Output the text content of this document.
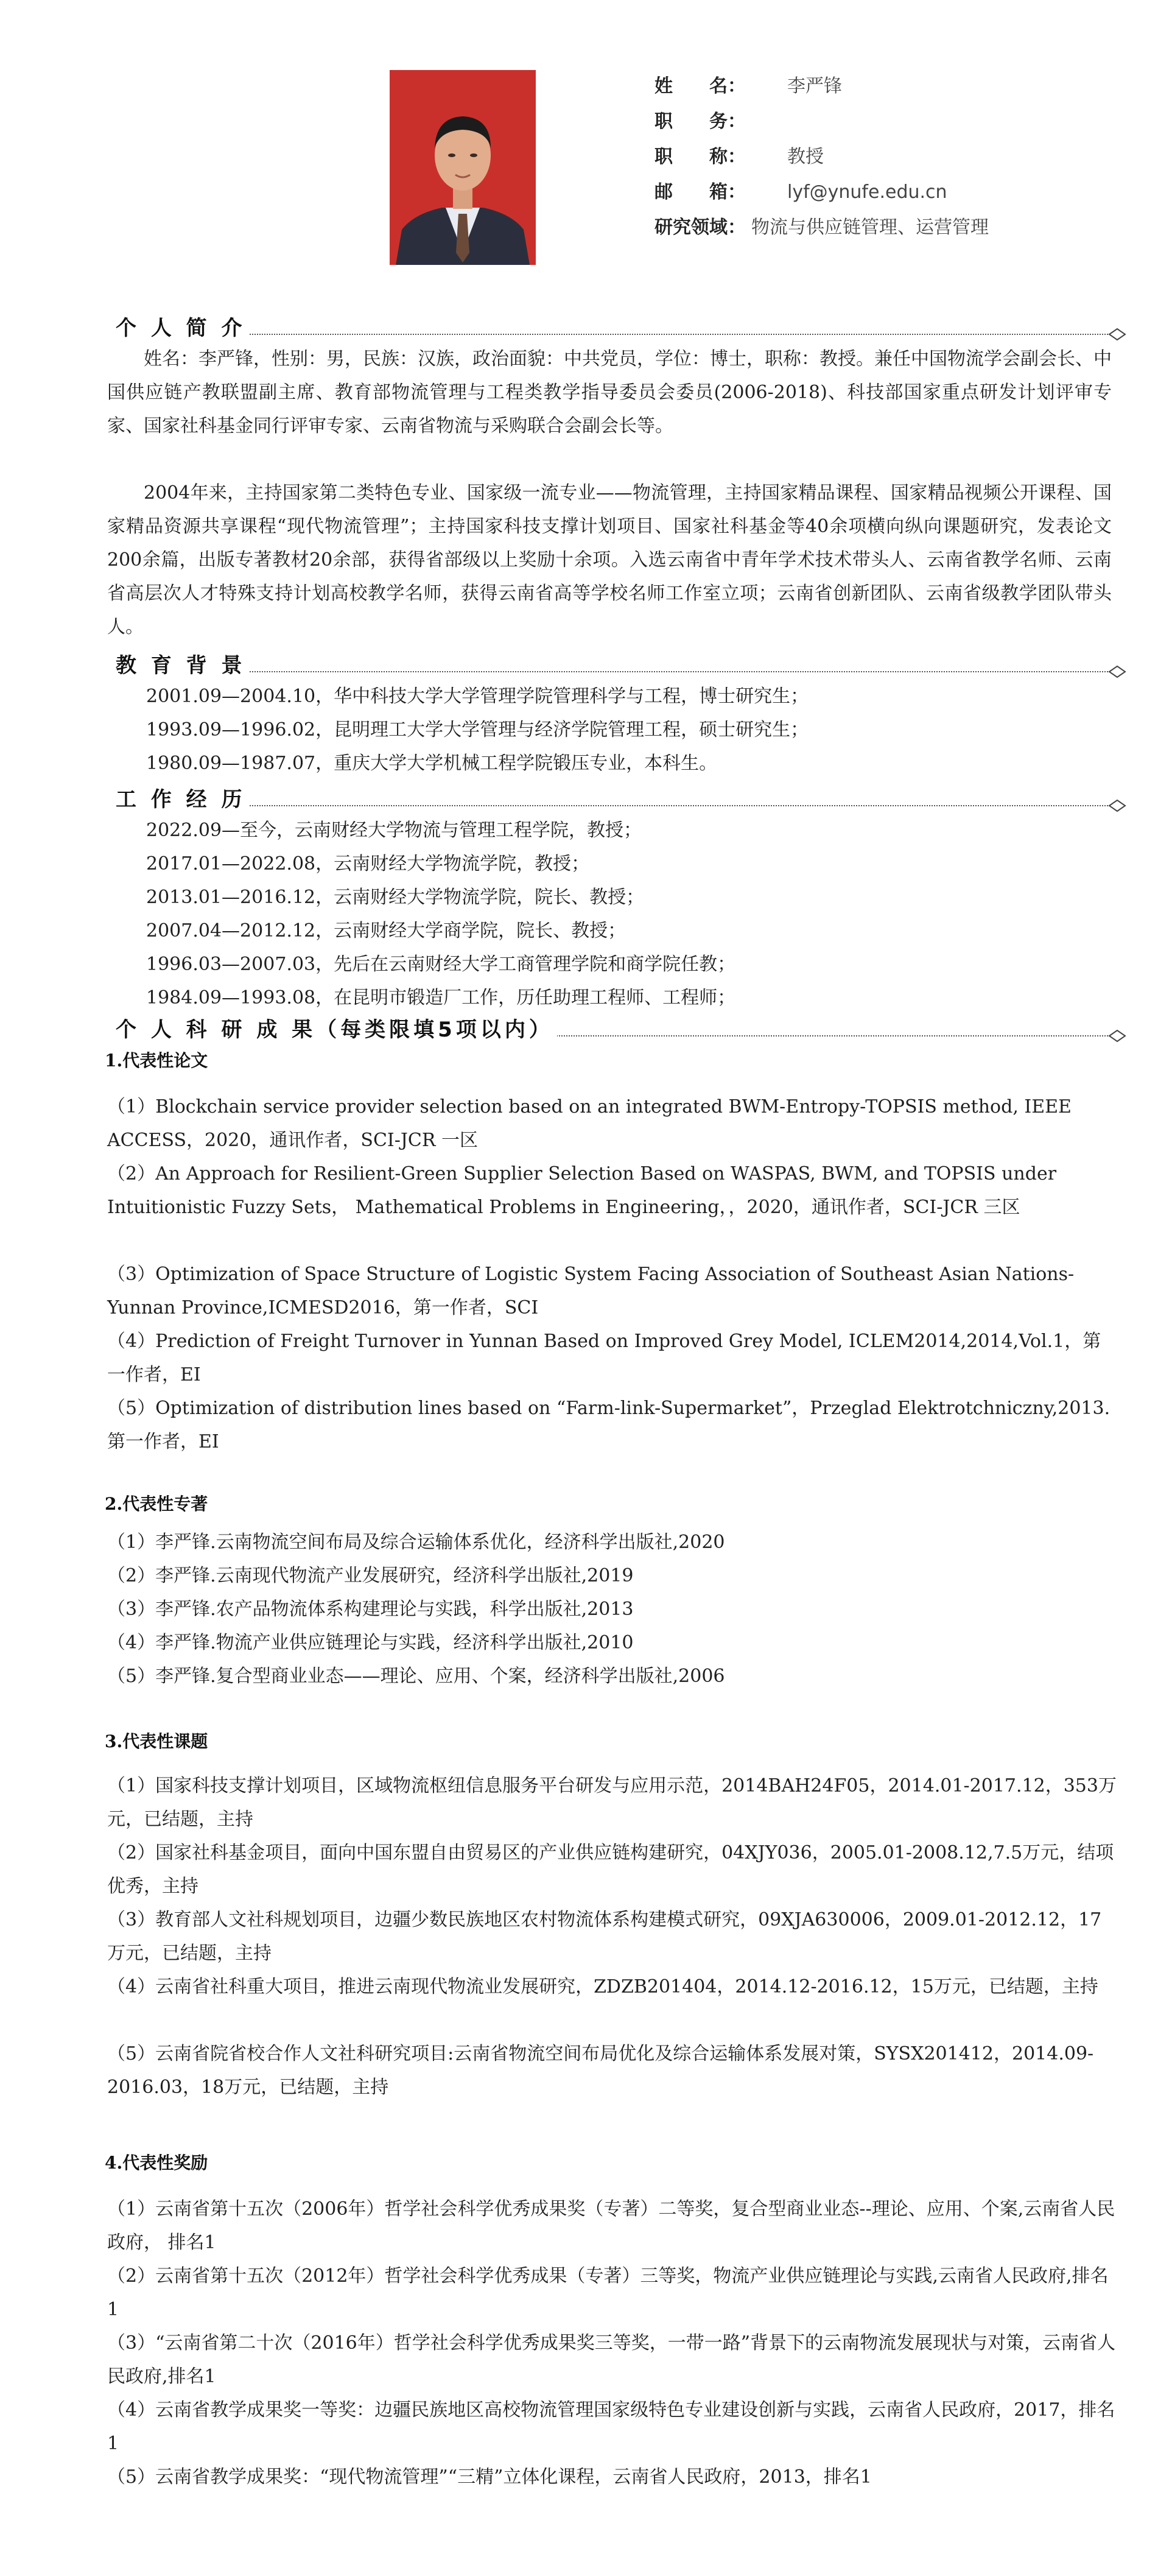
姓　　名： 李严锋
职　　务：
职　　称： 教授
邮　　箱： lyf@ynufe.edu.cn
研究领域： 物流与供应链管理、运营管理
个 人 简 介
姓名：李严锋，性别：男，民族：汉族，政治面貌：中共党员，学位：博士，职称：教授。兼任中国物流学会副会长、中国供应链产教联盟副主席、教育部物流管理与工程类教学指导委员会委员(2006-2018)、科技部国家重点研发计划评审专家、国家社科基金同行评审专家、云南省物流与采购联合会副会长等。
2004年来，主持国家第二类特色专业、国家级一流专业——物流管理，主持国家精品课程、国家精品视频公开课程、国家精品资源共享课程“现代物流管理”；主持国家科技支撑计划项目、国家社科基金等40余项横向纵向课题研究，发表论文200余篇，出版专著教材20余部，获得省部级以上奖励十余项。入选云南省中青年学术技术带头人、云南省教学名师、云南省高层次人才特殊支持计划高校教学名师，获得云南省高等学校名师工作室立项；云南省创新团队、云南省级教学团队带头人。
教 育 背 景
2001.09—2004.10，华中科技大学大学管理学院管理科学与工程，博士研究生；
1993.09—1996.02，昆明理工大学大学管理与经济学院管理工程，硕士研究生；
1980.09—1987.07，重庆大学大学机械工程学院锻压专业，本科生。
工 作 经 历
2022.09—至今，云南财经大学物流与管理工程学院，教授；
2017.01—2022.08，云南财经大学物流学院，教授；
2013.01—2016.12，云南财经大学物流学院，院长、教授；
2007.04—2012.12，云南财经大学商学院，院长、教授；
1996.03—2007.03，先后在云南财经大学工商管理学院和商学院任教；
1984.09—1993.08，在昆明市锻造厂工作，历任助理工程师、工程师；
个 人 科 研 成 果（每类限填5项以内）
1.代表性论文
（1）Blockchain service provider selection based on an integrated BWM-Entropy-TOPSIS method, IEEE ACCESS，2020，通讯作者，SCI-JCR 一区
（2）An Approach for Resilient-Green Supplier Selection Based on WASPAS, BWM, and TOPSIS under Intuitionistic Fuzzy Sets， Mathematical Problems in Engineering，，2020，通讯作者，SCI-JCR 三区
（3）Optimization of Space Structure of Logistic System Facing Association of Southeast Asian Nations-Yunnan Province,ICMESD2016，第一作者，SCI
（4）Prediction of Freight Turnover in Yunnan Based on Improved Grey Model, ICLEM2014,2014,Vol.1，第一作者，EI
（5）Optimization of distribution lines based on “Farm-link-Supermarket”，Przeglad Elektrotchniczny,2013. 第一作者，EI
2.代表性专著
（1）李严锋.云南物流空间布局及综合运输体系优化，经济科学出版社,2020
（2）李严锋.云南现代物流产业发展研究，经济科学出版社,2019
（3）李严锋.农产品物流体系构建理论与实践，科学出版社,2013
（4）李严锋.物流产业供应链理论与实践，经济科学出版社,2010
（5）李严锋.复合型商业业态——理论、应用、个案，经济科学出版社,2006
3.代表性课题
（1）国家科技支撑计划项目，区域物流枢纽信息服务平台研发与应用示范，2014BAH24F05，2014.01-2017.12，353万元，已结题，主持
（2）国家社科基金项目，面向中国东盟自由贸易区的产业供应链构建研究，04XJY036，2005.01-2008.12,7.5万元，结项优秀，主持
（3）教育部人文社科规划项目，边疆少数民族地区农村物流体系构建模式研究，09XJA630006，2009.01-2012.12，17万元，已结题，主持
（4）云南省社科重大项目，推进云南现代物流业发展研究，ZDZB201404，2014.12-2016.12，15万元，已结题，主持
（5）云南省院省校合作人文社科研究项目:云南省物流空间布局优化及综合运输体系发展对策，SYSX201412，2014.09-2016.03，18万元，已结题，主持
4.代表性奖励
（1）云南省第十五次（2006年）哲学社会科学优秀成果奖（专著）二等奖，复合型商业业态--理论、应用、个案,云南省人民政府， 排名1
（2）云南省第十五次（2012年）哲学社会科学优秀成果（专著）三等奖，物流产业供应链理论与实践,云南省人民政府,排名1
（3）“云南省第二十次（2016年）哲学社会科学优秀成果奖三等奖，一带一路”背景下的云南物流发展现状与对策，云南省人民政府,排名1
（4）云南省教学成果奖一等奖：边疆民族地区高校物流管理国家级特色专业建设创新与实践，云南省人民政府，2017，排名1
（5）云南省教学成果奖：“现代物流管理”“三精”立体化课程，云南省人民政府，2013，排名1
